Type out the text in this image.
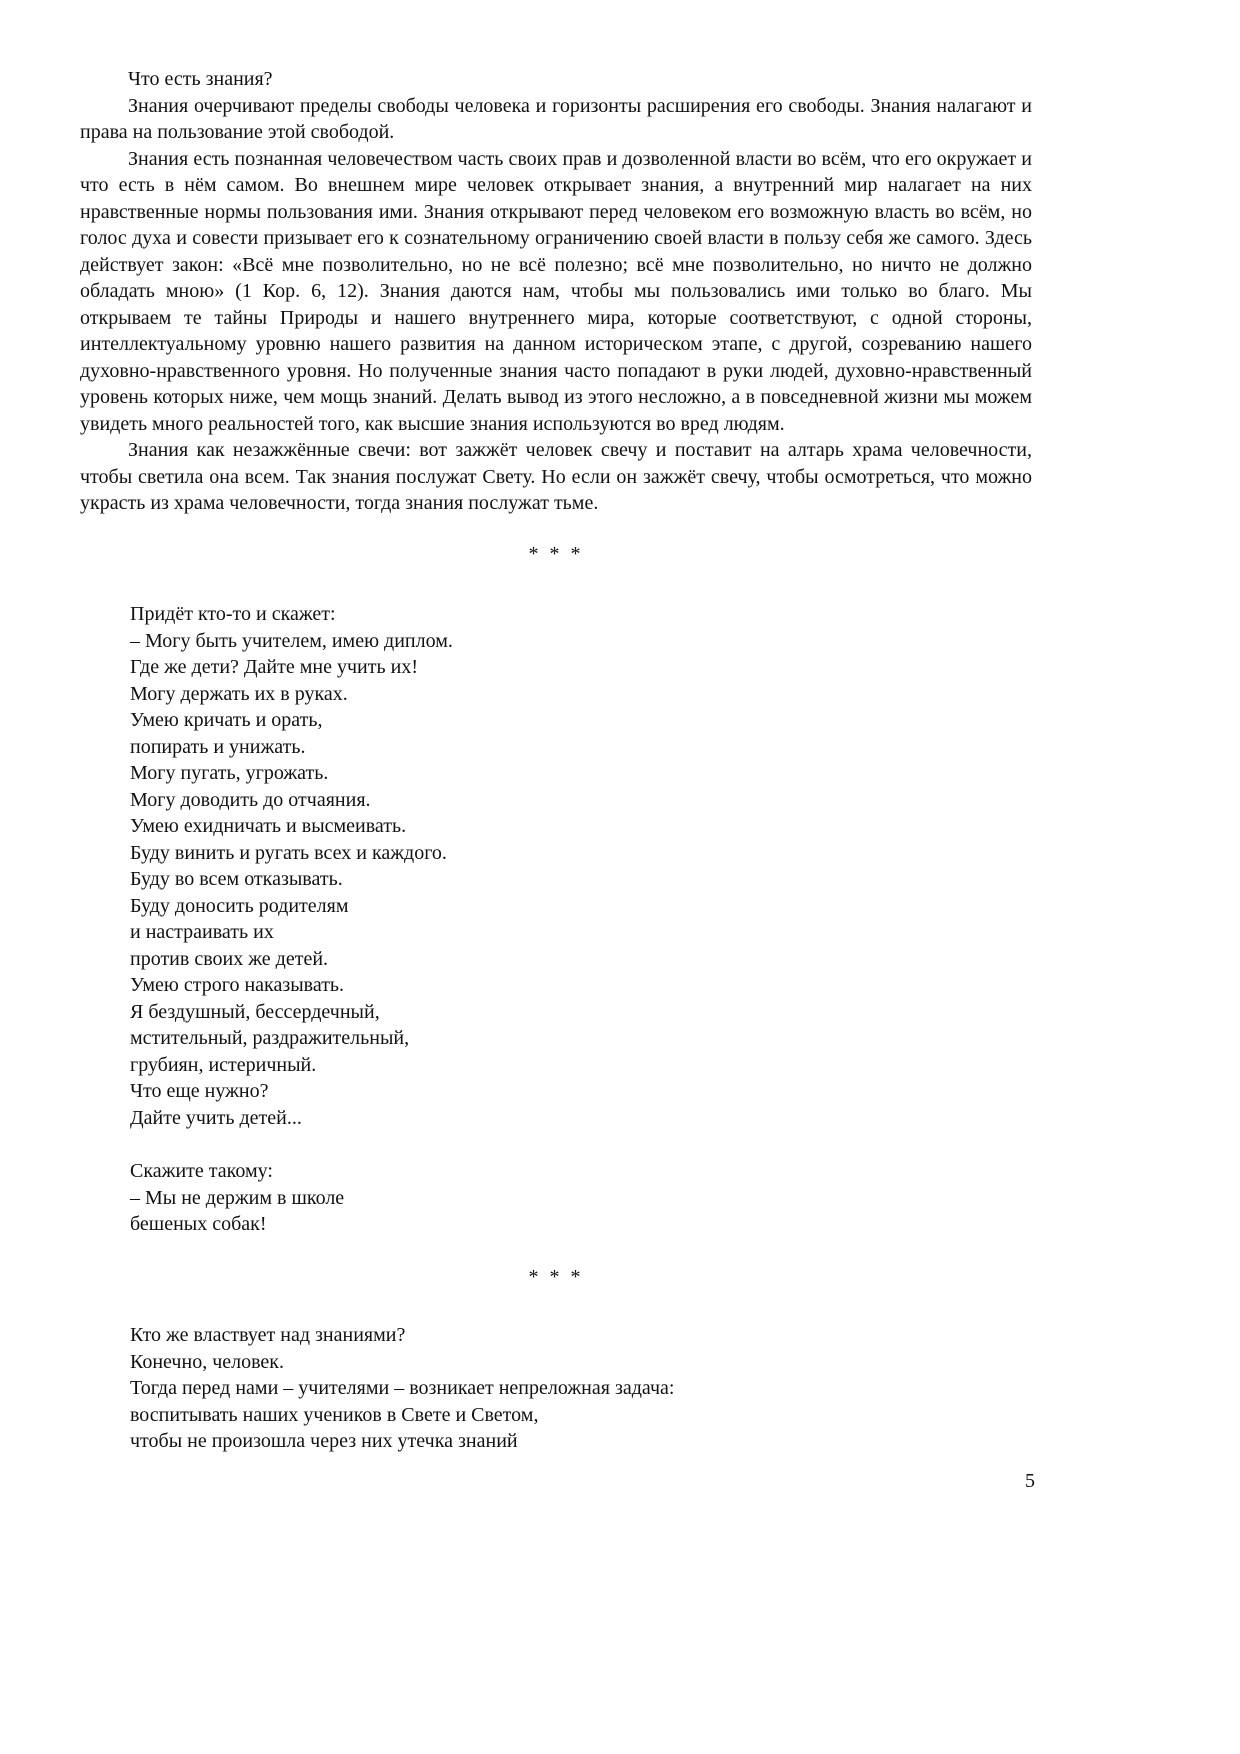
Что есть знания?

Знания очерчивают пределы свободы человека и горизонты расширения его свободы. Знания налагают и права на пользование этой свободой.

Знания есть познанная человечеством часть своих прав и дозволенной власти во всём, что его окружает и что есть в нём самом. Во внешнем мире человек открывает знания, а внутренний мир налагает на них нравственные нормы пользования ими. Знания открывают перед человеком его возможную власть во всём, но голос духа и совести призывает его к сознательному ограничению своей власти в пользу себя же самого. Здесь действует закон: «Всё мне позволительно, но не всё полезно; всё мне позволительно, но ничто не должно обладать мною» (1 Кор. 6, 12). Знания даются нам, чтобы мы пользовались ими только во благо. Мы открываем те тайны Природы и нашего внутреннего мира, которые соответствуют, с одной стороны, интеллектуальному уровню нашего развития на данном историческом этапе, с другой, созреванию нашего духовно-нравственного уровня. Но полученные знания часто попадают в руки людей, духовно-нравственный уровень которых ниже, чем мощь знаний. Делать вывод из этого несложно, а в повседневной жизни мы можем увидеть много реальностей того, как высшие знания используются во вред людям.

Знания как незажжённые свечи: вот зажжёт человек свечу и поставит на алтарь храма человечности, чтобы светила она всем. Так знания послужат Свету. Но если он зажжёт свечу, чтобы осмотреться, что можно украсть из храма человечности, тогда знания послужат тьме.

* * *
Придёт кто-то и скажет:
– Могу быть учителем, имею диплом.
Где же дети? Дайте мне учить их!
Могу держать их в руках.
Умею кричать и орать,
попирать и унижать.
Могу пугать, угрожать.
Могу доводить до отчаяния.
Умею ехидничать и высмеивать.
Буду винить и ругать всех и каждого.
Буду во всем отказывать.
Буду доносить родителям
и настраивать их
против своих же детей.
Умею строго наказывать.
Я бездушный, бессердечный,
мстительный, раздражительный,
грубиян, истеричный.
Что еще нужно?
Дайте учить детей...
Скажите такому:
– Мы не держим в школе
бешеных собак!
* * *
Кто же властвует над знаниями?
Конечно, человек.
Тогда перед нами – учителями – возникает непреложная задача:
воспитывать наших учеников в Свете и Светом,
чтобы не произошла через них утечка знаний
5
